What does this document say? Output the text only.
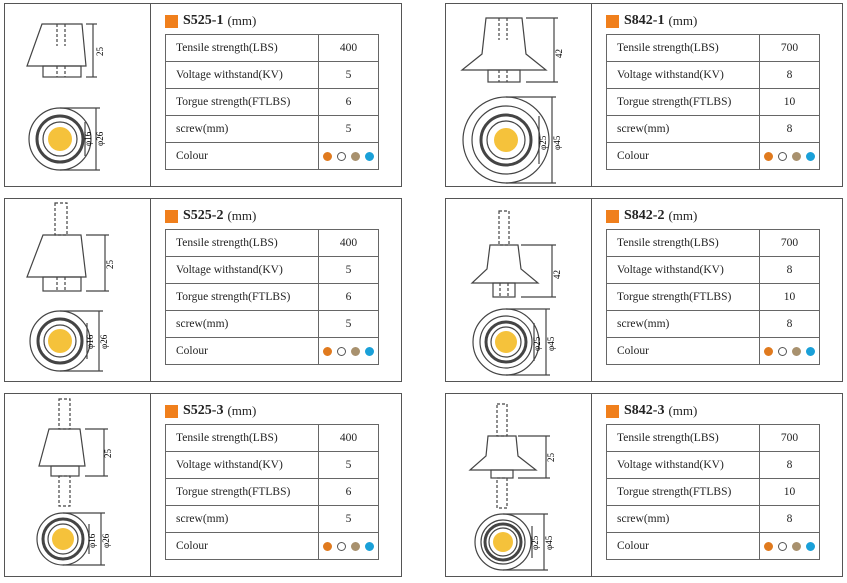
25
φ16 φ26
S525-1 (mm)
Tensile strength(LBS)	400
Voltage withstand(KV)	5
Torgue strength(FTLBS)	6
screw(mm)	5
Colour	
42
φ25 φ45
S842-1 (mm)
Tensile strength(LBS)	700
Voltage withstand(KV)	8
Torgue strength(FTLBS)	10
screw(mm)	8
Colour	
25
φ16 φ26
S525-2 (mm)
Tensile strength(LBS)	400
Voltage withstand(KV)	5
Torgue strength(FTLBS)	6
screw(mm)	5
Colour	
42
φ25 φ45
S842-2 (mm)
Tensile strength(LBS)	700
Voltage withstand(KV)	8
Torgue strength(FTLBS)	10
screw(mm)	8
Colour	
25
φ16 φ26
S525-3 (mm)
Tensile strength(LBS)	400
Voltage withstand(KV)	5
Torgue strength(FTLBS)	6
screw(mm)	5
Colour	
25
φ25 φ45
S842-3 (mm)
Tensile strength(LBS)	700
Voltage withstand(KV)	8
Torgue strength(FTLBS)	10
screw(mm)	8
Colour	
